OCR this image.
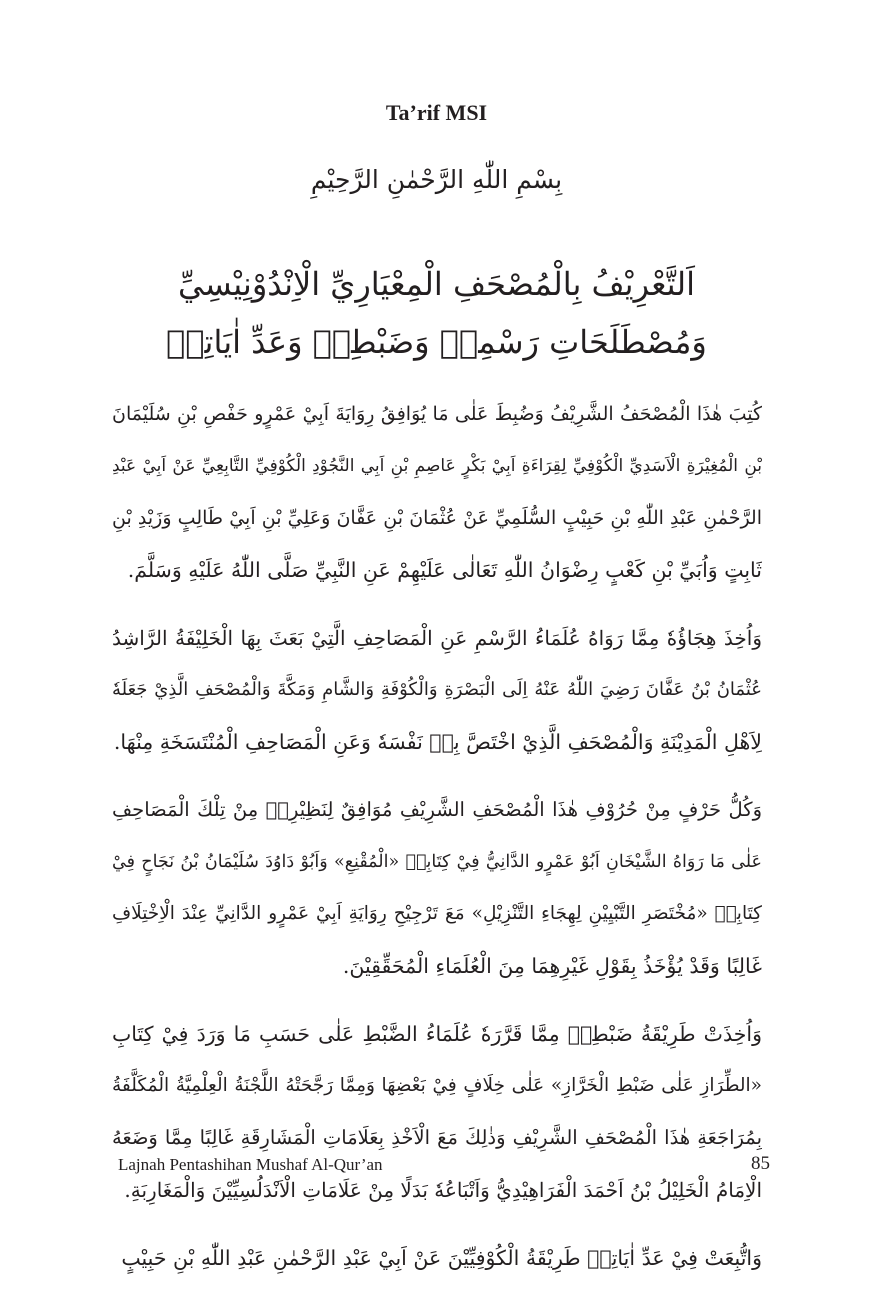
Ta’rif MSI
بِسْمِ اللّٰهِ الرَّحْمٰنِ الرَّحِيْمِ
اَلتَّعْرِيْفُ بِالْمُصْحَفِ الْمِعْيَارِيِّ الْاِنْدُوْنِيْسِيِّ
وَمُصْطَلَحَاتِ رَسْمِهٖ وَضَبْطِهٖ وَعَدِّ اٰيَاتِهٖ
كُتِبَ هٰذَا الْمُصْحَفُ الشَّرِيْفُ وَضُبِطَ عَلٰى مَا يُوَافِقُ رِوَايَةَ اَبِيْ عَمْرٍو حَفْصِ بْنِ سُلَيْمَانَ
بْنِ الْمُغِيْرَةِ الْاَسَدِيِّ الْكُوْفِيِّ لِقِرَاءَةِ اَبِيْ بَكْرٍ عَاصِمِ بْنِ اَبِي النَّجُوْدِ الْكُوْفِيِّ التَّابِعِيِّ عَنْ اَبِيْ عَبْدِ
الرَّحْمٰنِ عَبْدِ اللّٰهِ بْنِ حَبِيْبٍ السُّلَمِيِّ عَنْ عُثْمَانَ بْنِ عَفَّانَ وَعَلِيِّ بْنِ اَبِيْ طَالِبٍ وَزَيْدِ بْنِ
ثَابِتٍ وَاُبَيِّ بْنِ كَعْبٍ رِضْوَانُ اللّٰهِ تَعَالٰى عَلَيْهِمْ عَنِ النَّبِيِّ صَلَّى اللّٰهُ عَلَيْهِ وَسَلَّمَ.
وَاُخِذَ هِجَاؤُهٗ مِمَّا رَوَاهُ عُلَمَاءُ الرَّسْمِ عَنِ الْمَصَاحِفِ الَّتِيْ بَعَثَ بِهَا الْخَلِيْفَةُ الرَّاشِدُ
عُثْمَانُ بْنُ عَفَّانَ رَضِيَ اللّٰهُ عَنْهُ اِلَى الْبَصْرَةِ وَالْكُوْفَةِ وَالشَّامِ وَمَكَّةَ وَالْمُصْحَفِ الَّذِيْ جَعَلَهٗ
لِاَهْلِ الْمَدِيْنَةِ وَالْمُصْحَفِ الَّذِيْ اخْتَصَّ بِهٖ نَفْسَهٗ وَعَنِ الْمَصَاحِفِ الْمُنْتَسَخَةِ مِنْهَا.
وَكُلُّ حَرْفٍ مِنْ حُرُوْفِ هٰذَا الْمُصْحَفِ الشَّرِيْفِ مُوَافِقٌ لِنَظِيْرِهٖ مِنْ تِلْكَ الْمَصَاحِفِ
عَلٰى مَا رَوَاهُ الشَّيْخَانِ اَبُوْ عَمْرٍو الدَّانِيُّ فِيْ كِتَابِهٖ «الْمُقْنِعِ» وَاَبُوْ دَاوُدَ سُلَيْمَانُ بْنُ نَجَاحٍ فِيْ
كِتَابِهٖ «مُخْتَصَرِ التَّبْيِيْنِ لِهِجَاءِ التَّنْزِيْلِ» مَعَ تَرْجِيْحِ رِوَايَةِ اَبِيْ عَمْرٍو الدَّانِيِّ عِنْدَ الْاِخْتِلَافِ
غَالِبًا وَقَدْ يُؤْخَذُ بِقَوْلِ غَيْرِهِمَا مِنَ الْعُلَمَاءِ الْمُحَقِّقِيْنَ.
وَاُخِذَتْ طَرِيْقَةُ ضَبْطِهٖ مِمَّا قَرَّرَهٗ عُلَمَاءُ الضَّبْطِ عَلٰى حَسَبِ مَا وَرَدَ فِيْ كِتَابِ
«الطِّرَازِ عَلٰى ضَبْطِ الْخَرَّازِ» عَلٰى خِلَافٍ فِيْ بَعْضِهَا وَمِمَّا رَجَّحَتْهُ اللَّجْنَةُ الْعِلْمِيَّةُ الْمُكَلَّفَةُ
بِمُرَاجَعَةِ هٰذَا الْمُصْحَفِ الشَّرِيْفِ وَذٰلِكَ مَعَ الْاَخْذِ بِعَلَامَاتِ الْمَشَارِقَةِ غَالِبًا مِمَّا وَضَعَهُ
الْاِمَامُ الْخَلِيْلُ بْنُ اَحْمَدَ الْفَرَاهِيْدِيُّ وَاَتْبَاعُهٗ بَدَلًا مِنْ عَلَامَاتِ الْاَنْدَلُسِيِّيْنَ وَالْمَغَارِبَةِ.
وَاتُّبِعَتْ فِيْ عَدِّ اٰيَاتِهٖ طَرِيْقَةُ الْكُوْفِيِّيْنَ عَنْ اَبِيْ عَبْدِ الرَّحْمٰنِ عَبْدِ اللّٰهِ بْنِ حَبِيْبٍ
Lajnah Pentashihan Mushaf Al-Qur’an	85
